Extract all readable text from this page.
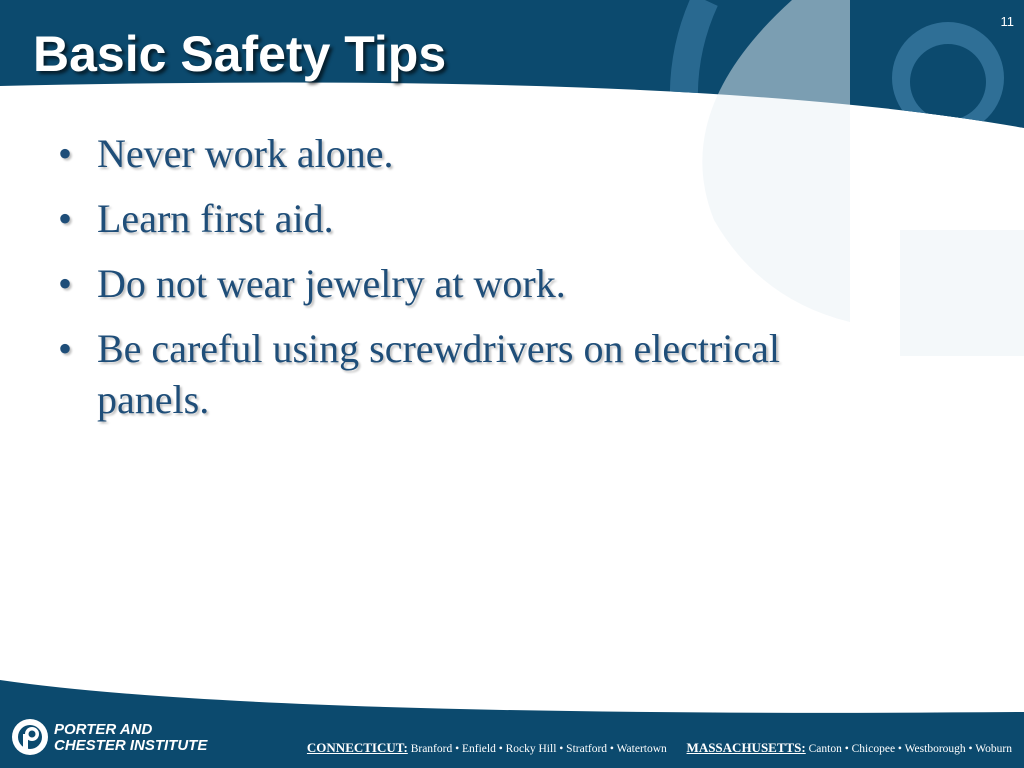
Basic Safety Tips
11
• Never work alone.
• Learn first aid.
• Do not wear jewelry at work.
• Be careful using screwdrivers on electrical panels.
PORTER AND
CHESTER INSTITUTE	CONNECTICUT: Branford • Enfield • Rocky Hill • Stratford • Watertown MASSACHUSETTS: Canton • Chicopee • Westborough • Woburn
